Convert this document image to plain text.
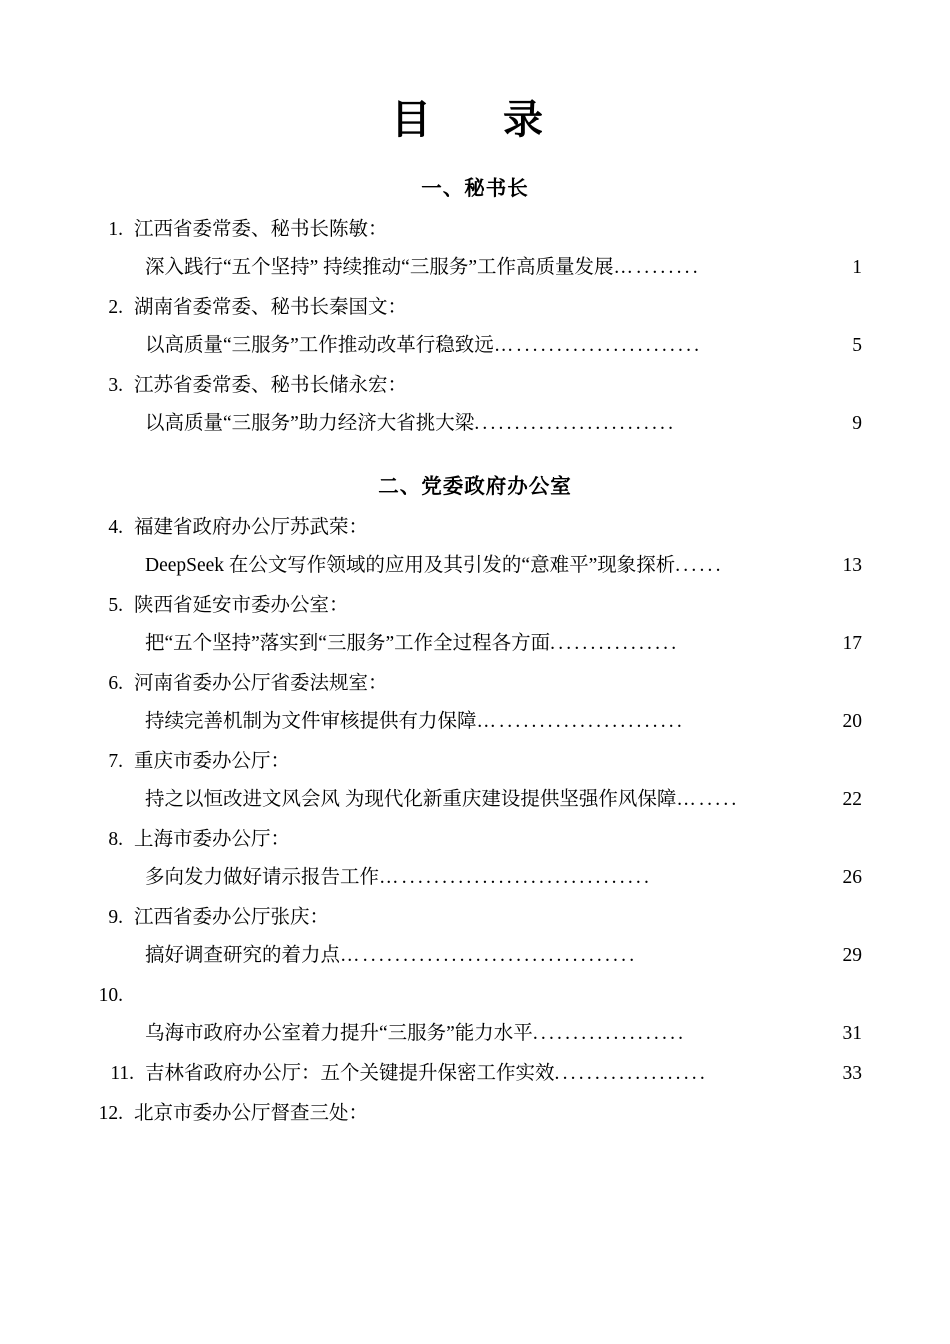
目　录
一、秘书长
1. 江西省委常委、秘书长陈敏：
深入践行“五个坚持” 持续推动“三服务”工作高质量发展 …........	1
2. 湖南省委常委、秘书长秦国文：
以高质量“三服务”工作推动改革行稳致远 ….......................	5
3. 江苏省委常委、秘书长储永宏：
以高质量“三服务”助力经济大省挑大梁 .........................	9
二、党委政府办公室
4. 福建省政府办公厅苏武荣：
DeepSeek 在公文写作领域的应用及其引发的“意难平”现象探析 ......	13
5. 陕西省延安市委办公室：
把“五个坚持”落实到“三服务”工作全过程各方面 ................	17
6. 河南省委办公厅省委法规室：
持续完善机制为文件审核提供有力保障 ….......................	20
7. 重庆市委办公厅：
持之以恒改进文风会风 为现代化新重庆建设提供坚强作风保障 ….....	22
8. 上海市委办公厅：
多向发力做好请示报告工作 …...............................	26
9. 江西省委办公厅张庆：
搞好调查研究的着力点 …..................................	29
10.
乌海市政府办公室着力提升“三服务”能力水平 ...................	31
11. 吉林省政府办公厅：五个关键提升保密工作实效 ...................	33
12. 北京市委办公厅督查三处：
